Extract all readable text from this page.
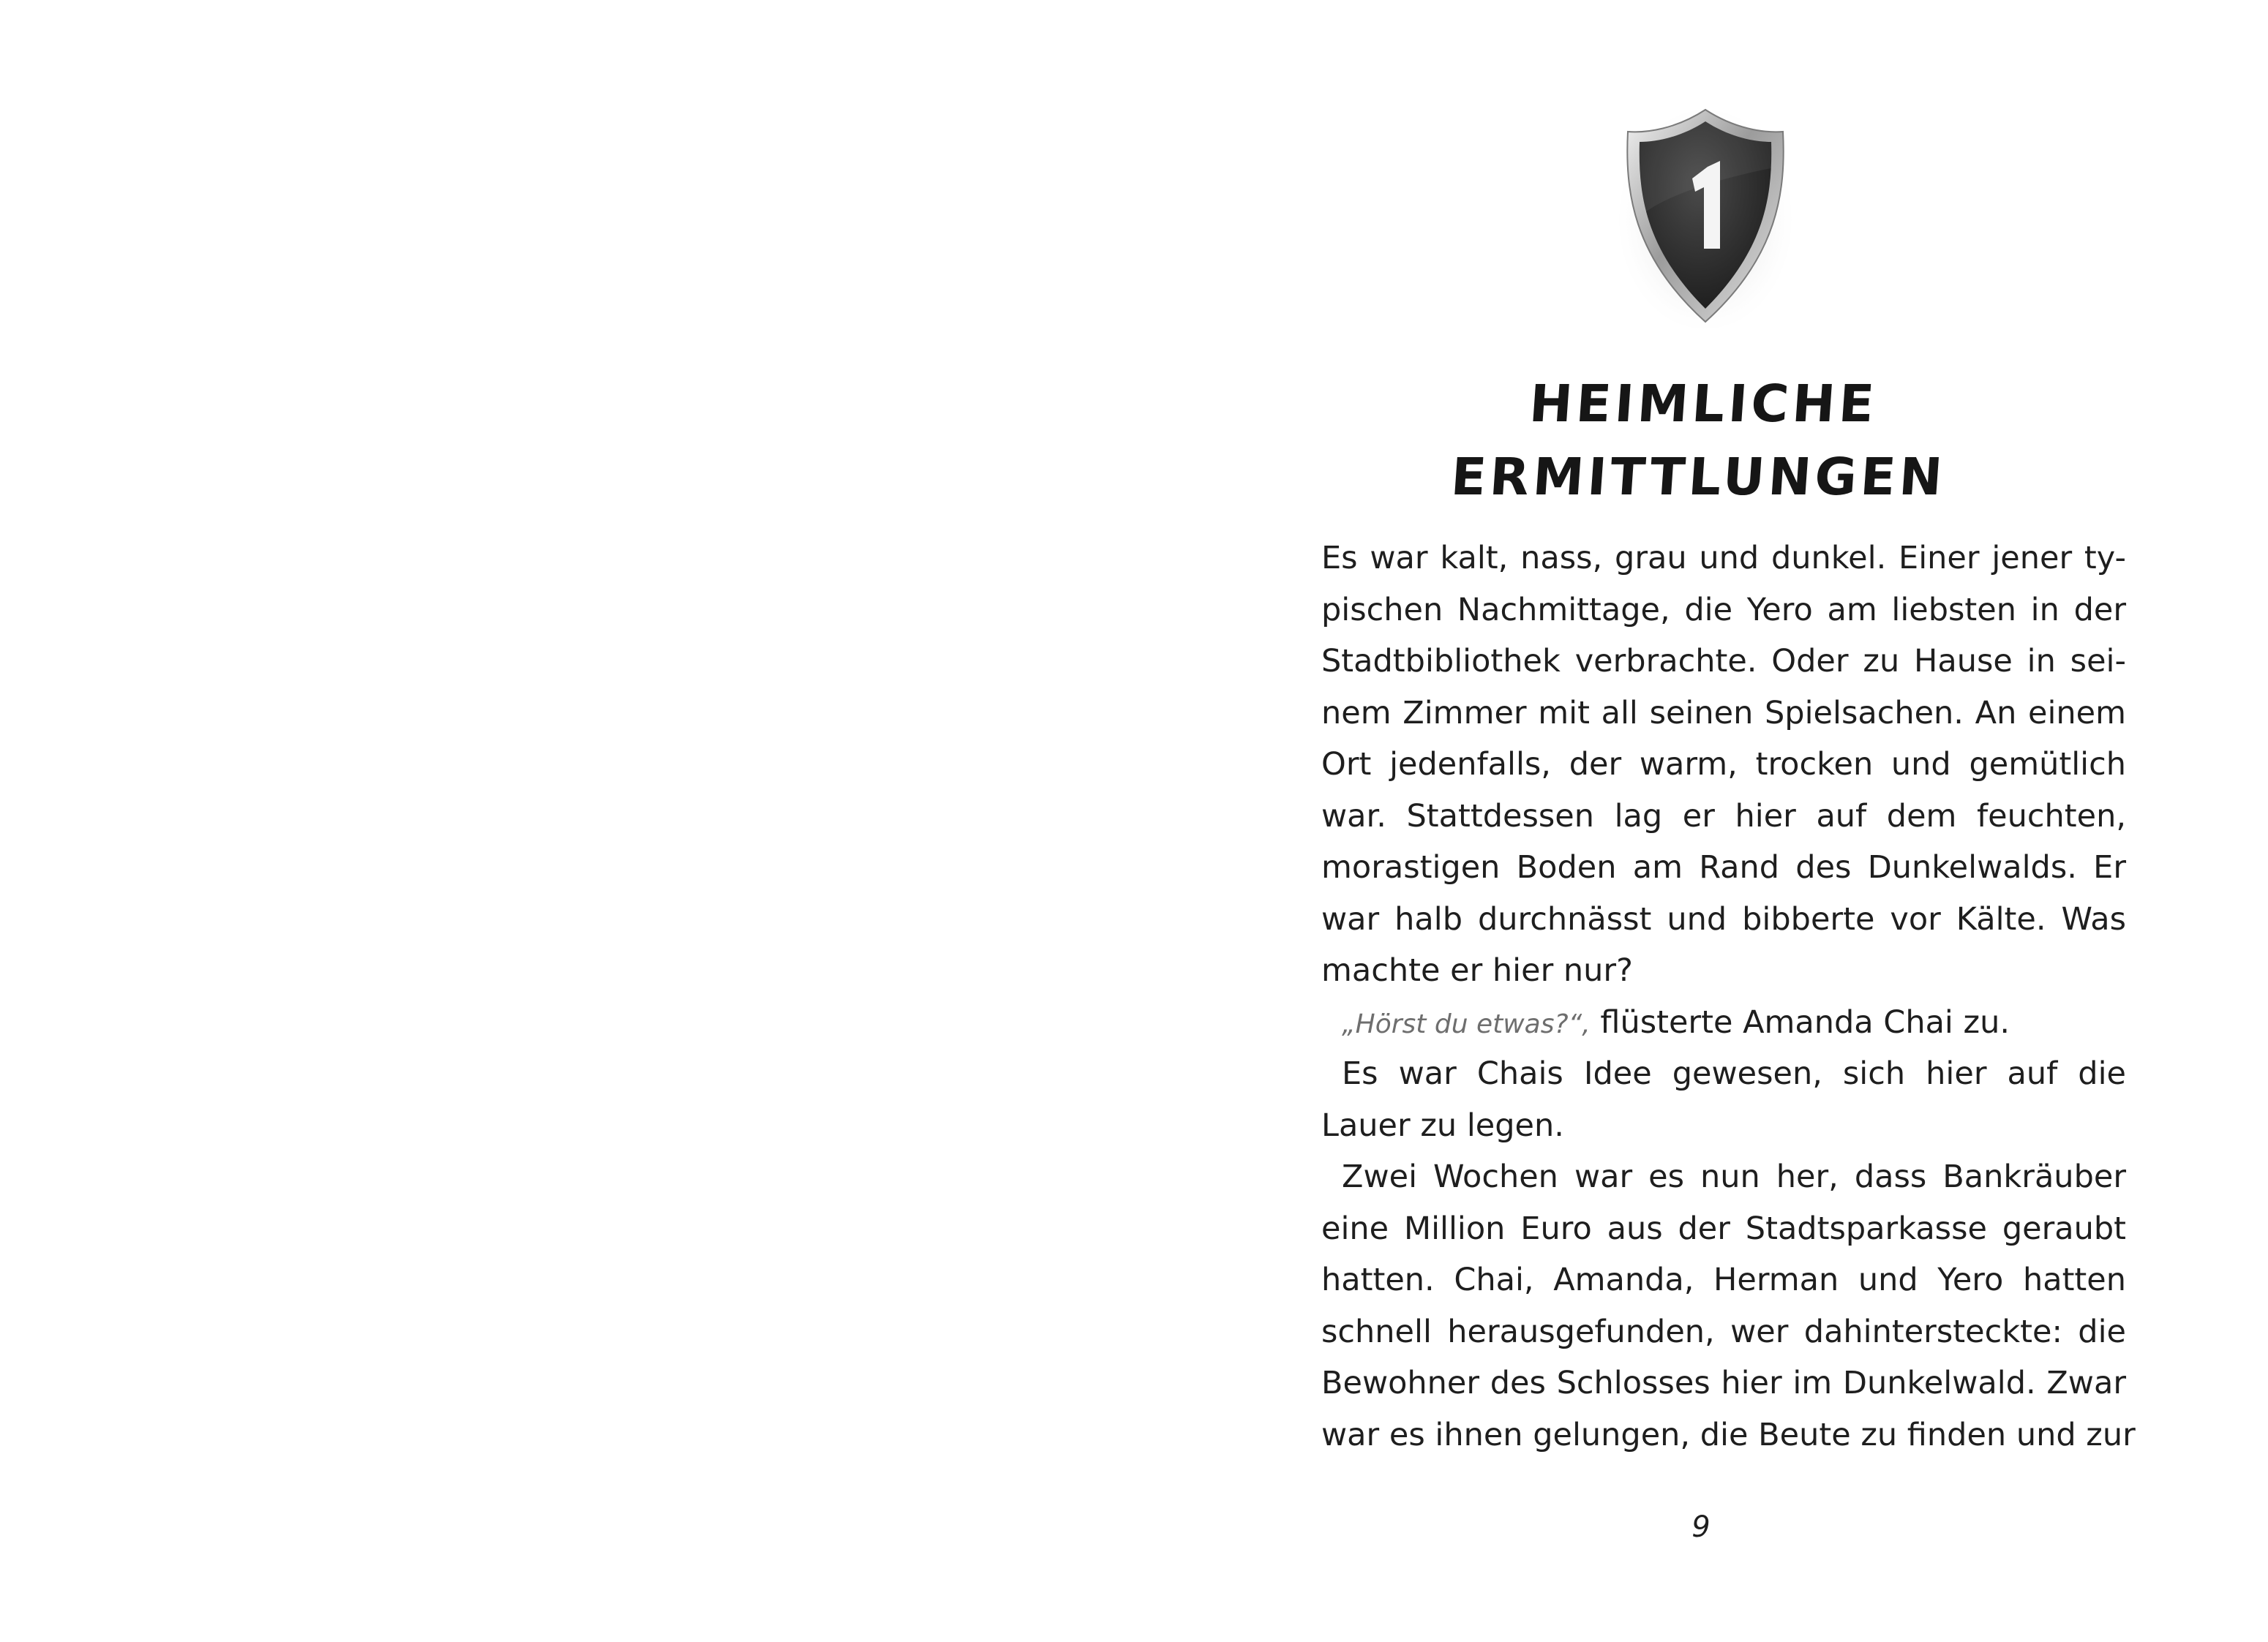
HEIMLICHE ERMITTLUNGEN
Es war kalt, nass, grau und dunkel. Einer jener ty-
pischen Nachmittage, die Yero am liebsten in der
Stadtbibliothek verbrachte. Oder zu Hause in sei-
nem Zimmer mit all seinen Spielsachen. An einem
Ort jedenfalls, der warm, trocken und gemütlich
war. Stattdessen lag er hier auf dem feuchten,
morastigen Boden am Rand des Dunkelwalds. Er
war halb durchnässt und bibberte vor Kälte. Was
machte er hier nur?
„Hörst du etwas?“, flüsterte Amanda Chai zu.
Es war Chais Idee gewesen, sich hier auf die
Lauer zu legen.
Zwei Wochen war es nun her, dass Bankräuber
eine Million Euro aus der Stadtsparkasse geraubt
hatten. Chai, Amanda, Herman und Yero hatten
schnell herausgefunden, wer dahintersteckte: die
Bewohner des Schlosses hier im Dunkelwald. Zwar
war es ihnen gelungen, die Beute zu finden und zur
9
